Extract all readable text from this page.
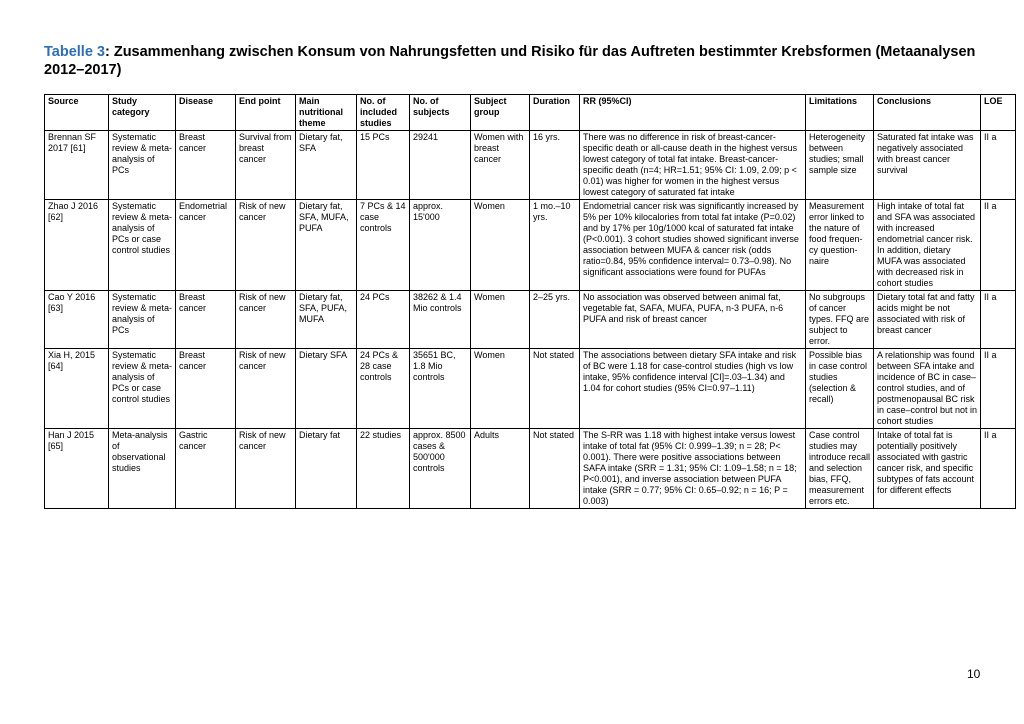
Tabelle 3: Zusammenhang zwischen Konsum von Nahrungsfetten und Risiko für das Auftreten bestimmter Krebsformen (Metaanalysen 2012–2017)
Source	Study category	Disease	End point	Main nutritional theme	No. of included studies	No. of subjects	Subject group	Duration	RR (95%CI)	Limitations	Conclusions	LOE
Brennan SF 2017 [61]	Systematic review & meta-analysis of PCs	Breast cancer	Survival from breast cancer	Dietary fat, SFA	15 PCs	29241	Women with breast cancer	16 yrs.	There was no difference in risk of breast-cancer-specific death or all-cause death in the highest versus lowest category of total fat intake. Breast-cancer-specific death (n=4; HR=1.51; 95% CI: 1.09, 2.09; p < 0.01) was higher for women in the highest versus lowest category of saturated fat intake	Heterogeneity between studies; small sample size	Saturated fat intake was negatively associated with breast cancer survival	II a
Zhao J 2016 [62]	Systematic review & meta-analysis of PCs or case control studies	Endometrial cancer	Risk of new cancer	Dietary fat, SFA, MUFA, PUFA	7 PCs & 14 case controls	approx. 15'000	Women	1 mo.–10 yrs.	Endometrial cancer risk was significantly increased by 5% per 10% kilocalories from total fat intake (P=0.02) and by 17% per 10g/1000 kcal of saturated fat intake (P<0.001). 3 cohort studies showed significant inverse association between MUFA & cancer risk (odds ratio=0.84, 95% confidence interval= 0.73–0.98). No significant associations were found for PUFAs	Measurement error linked to the nature of food frequen-cy question-naire	High intake of total fat and SFA was associated with increased endometrial cancer risk. In addition, dietary MUFA was associated with decreased risk in cohort studies	II a
Cao Y 2016 [63]	Systematic review & meta-analysis of PCs	Breast cancer	Risk of new cancer	Dietary fat, SFA, PUFA, MUFA	24 PCs	38262 & 1.4 Mio controls	Women	2–25 yrs.	No association was observed between animal fat, vegetable fat, SAFA, MUFA, PUFA, n-3 PUFA, n-6 PUFA and risk of breast cancer	No subgroups of cancer types. FFQ are subject to error.	Dietary total fat and fatty acids might be not associated with risk of breast cancer	II a
Xia H, 2015 [64]	Systematic review & meta-analysis of PCs or case control studies	Breast cancer	Risk of new cancer	Dietary SFA	24 PCs & 28 case controls	35651 BC, 1.8 Mio controls	Women	Not stated	The associations between dietary SFA intake and risk of BC were 1.18 for case-control studies (high vs low intake, 95% confidence interval [CI]=.03–1.34) and 1.04 for cohort studies (95% CI=0.97–1.11)	Possible bias in case control studies (selection & recall)	A relationship was found between SFA intake and incidence of BC in case–control studies, and of postmenopausal BC risk in case–control but not in cohort studies	II a
Han J 2015 [65]	Meta-analysis of observational studies	Gastric cancer	Risk of new cancer	Dietary fat	22 studies	approx. 8500 cases & 500'000 controls	Adults	Not stated	The S-RR was 1.18 with highest intake versus lowest intake of total fat (95% CI: 0.999–1.39; n = 28; P< 0.001). There were positive associations between SAFA intake (SRR = 1.31; 95% CI: 1.09–1.58; n = 18; P<0.001), and inverse association between PUFA intake (SRR = 0.77; 95% CI: 0.65–0.92; n = 16; P = 0.003)	Case control studies may introduce recall and selection bias, FFQ, measurement errors etc.	Intake of total fat is potentially positively associated with gastric cancer risk, and specific subtypes of fats account for different effects	II a
10
